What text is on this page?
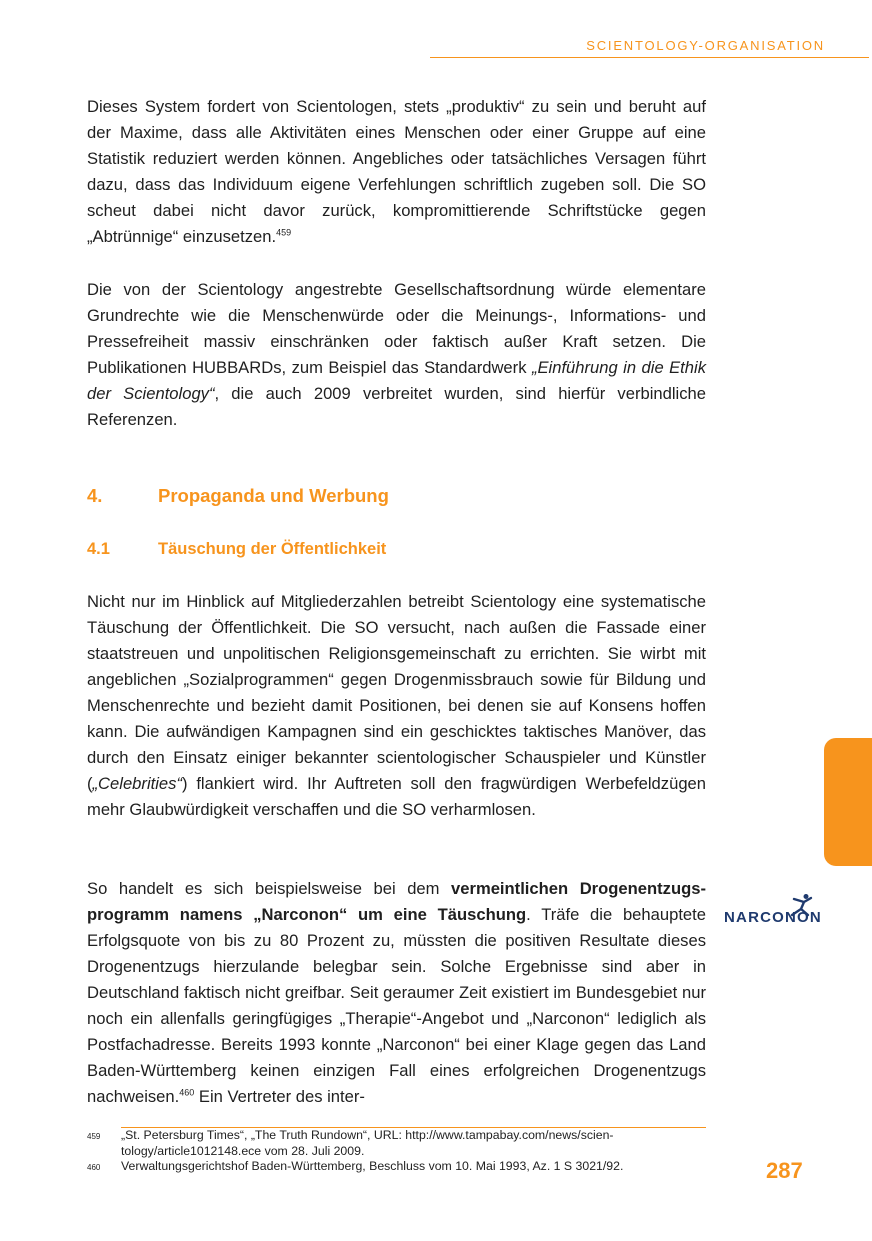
SCIENTOLOGY-ORGANISATION

Dieses System fordert von Scientologen, stets „produktiv“ zu sein und beruht auf der Maxime, dass alle Aktivitäten eines Menschen oder einer Gruppe auf eine Statistik reduziert werden können. Angebliches oder tatsächliches Versagen führt dazu, dass das Individuum eigene Verfehlungen schriftlich zugeben soll. Die SO scheut dabei nicht davor zurück, kompromittierende Schriftstücke gegen „Abtrünnige“ einzusetzen.$^{459}$

Die von der Scientology angestrebte Gesellschaftsordnung würde elementare Grundrechte wie die Menschenwürde oder die Meinungs-, Informations- und Pressefreiheit massiv einschränken oder faktisch außer Kraft setzen. Die Publikationen HUBBARDs, zum Beispiel das Standardwerk „Einführung in die Ethik der Scientology“, die auch 2009 verbreitet wurden, sind hierfür verbindliche Referenzen.

4.	Propaganda und Werbung
4.1	Täuschung der Öffentlichkeit

Nicht nur im Hinblick auf Mitgliederzahlen betreibt Scientology eine systematische Täuschung der Öffentlichkeit. Die SO versucht, nach außen die Fassade einer staatstreuen und unpolitischen Religionsgemeinschaft zu errichten. Sie wirbt mit angeblichen „Sozialprogrammen“ gegen Drogenmissbrauch sowie für Bildung und Menschenrechte und bezieht damit Positionen, bei denen sie auf Konsens hoffen kann. Die aufwändigen Kampagnen sind ein geschicktes taktisches Manöver, das durch den Einsatz einiger bekannter scientologischer Schauspieler und Künstler („Celebrities“) flankiert wird. Ihr Auftreten soll den fragwürdigen Werbefeldzügen mehr Glaubwürdigkeit verschaffen und die SO verharmlosen.

So handelt es sich beispielsweise bei dem vermeintlichen Drogenentzugsprogramm namens „Narconon“ um eine Täuschung. Träfe die behauptete Erfolgsquote von bis zu 80 Prozent zu, müssten die positiven Resultate dieses Drogenentzugs hierzulande belegbar sein. Solche Ergebnisse sind aber in Deutschland faktisch nicht greifbar. Seit geraumer Zeit existiert im Bundesgebiet nur noch ein allenfalls geringfügiges „Therapie“-Angebot und „Narconon“ lediglich als Postfachadresse. Bereits 1993 konnte „Narconon“ bei einer Klage gegen das Land Baden-Württemberg keinen einzigen Fall eines erfolgreichen Drogenentzugs nachweisen.$^{460}$ Ein Vertreter des inter-

459	„St. Petersburg Times“, „The Truth Rundown“, URL: http://www.tampabay.com/news/scientology/article1012148.ece vom 28. Juli 2009.
460	Verwaltungsgerichtshof Baden-Württemberg, Beschluss vom 10. Mai 1993, Az. 1 S 3021/92.
NARCONON
287
